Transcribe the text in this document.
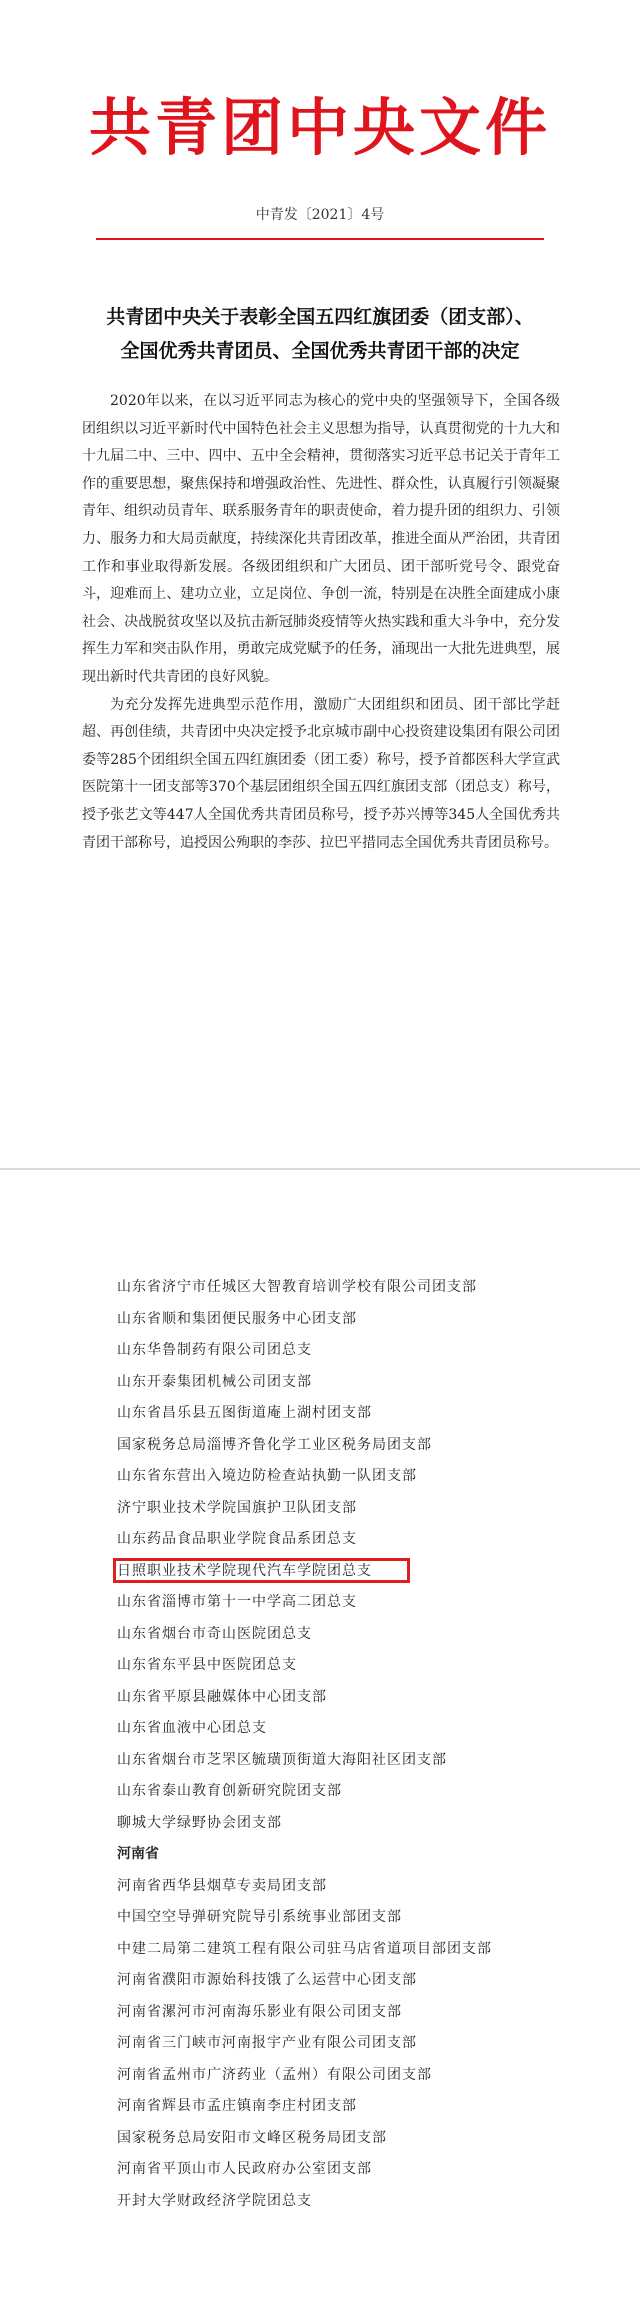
共青团中央文件
中青发〔2021〕4号
共青团中央关于表彰全国五四红旗团委（团支部）、
全国优秀共青团员、全国优秀共青团干部的决定

2020年以来，在以习近平同志为核心的党中央的坚强领导下，全国各级团组织以习近平新时代中国特色社会主义思想为指导，认真贯彻党的十九大和十九届二中、三中、四中、五中全会精神，贯彻落实习近平总书记关于青年工作的重要思想，聚焦保持和增强政治性、先进性、群众性，认真履行引领凝聚青年、组织动员青年、联系服务青年的职责使命，着力提升团的组织力、引领力、服务力和大局贡献度，持续深化共青团改革，推进全面从严治团，共青团工作和事业取得新发展。各级团组织和广大团员、团干部听党号令、跟党奋斗，迎难而上、建功立业，立足岗位、争创一流，特别是在决胜全面建成小康社会、决战脱贫攻坚以及抗击新冠肺炎疫情等火热实践和重大斗争中，充分发挥生力军和突击队作用，勇敢完成党赋予的任务，涌现出一大批先进典型，展现出新时代共青团的良好风貌。

为充分发挥先进典型示范作用，激励广大团组织和团员、团干部比学赶超、再创佳绩，共青团中央决定授予北京城市副中心投资建设集团有限公司团委等285个团组织全国五四红旗团委（团工委）称号，授予首都医科大学宣武医院第十一团支部等370个基层团组织全国五四红旗团支部（团总支）称号，授予张艺文等447人全国优秀共青团员称号，授予苏兴博等345人全国优秀共青团干部称号，追授因公殉职的李莎、拉巴平措同志全国优秀共青团员称号。

山东省济宁市任城区大智教育培训学校有限公司团支部
山东省顺和集团便民服务中心团支部
山东华鲁制药有限公司团总支
山东开泰集团机械公司团支部
山东省昌乐县五图街道庵上湖村团支部
国家税务总局淄博齐鲁化学工业区税务局团支部
山东省东营出入境边防检查站执勤一队团支部
济宁职业技术学院国旗护卫队团支部
山东药品食品职业学院食品系团总支
日照职业技术学院现代汽车学院团总支
山东省淄博市第十一中学高二团总支
山东省烟台市奇山医院团总支
山东省东平县中医院团总支
山东省平原县融媒体中心团支部
山东省血液中心团总支
山东省烟台市芝罘区毓璜顶街道大海阳社区团支部
山东省泰山教育创新研究院团支部
聊城大学绿野协会团支部
河南省
河南省西华县烟草专卖局团支部
中国空空导弹研究院导引系统事业部团支部
中建二局第二建筑工程有限公司驻马店省道项目部团支部
河南省濮阳市源始科技饿了么运营中心团支部
河南省漯河市河南海乐影业有限公司团支部
河南省三门峡市河南报宇产业有限公司团支部
河南省孟州市广济药业（孟州）有限公司团支部
河南省辉县市孟庄镇南李庄村团支部
国家税务总局安阳市文峰区税务局团支部
河南省平顶山市人民政府办公室团支部
开封大学财政经济学院团总支
